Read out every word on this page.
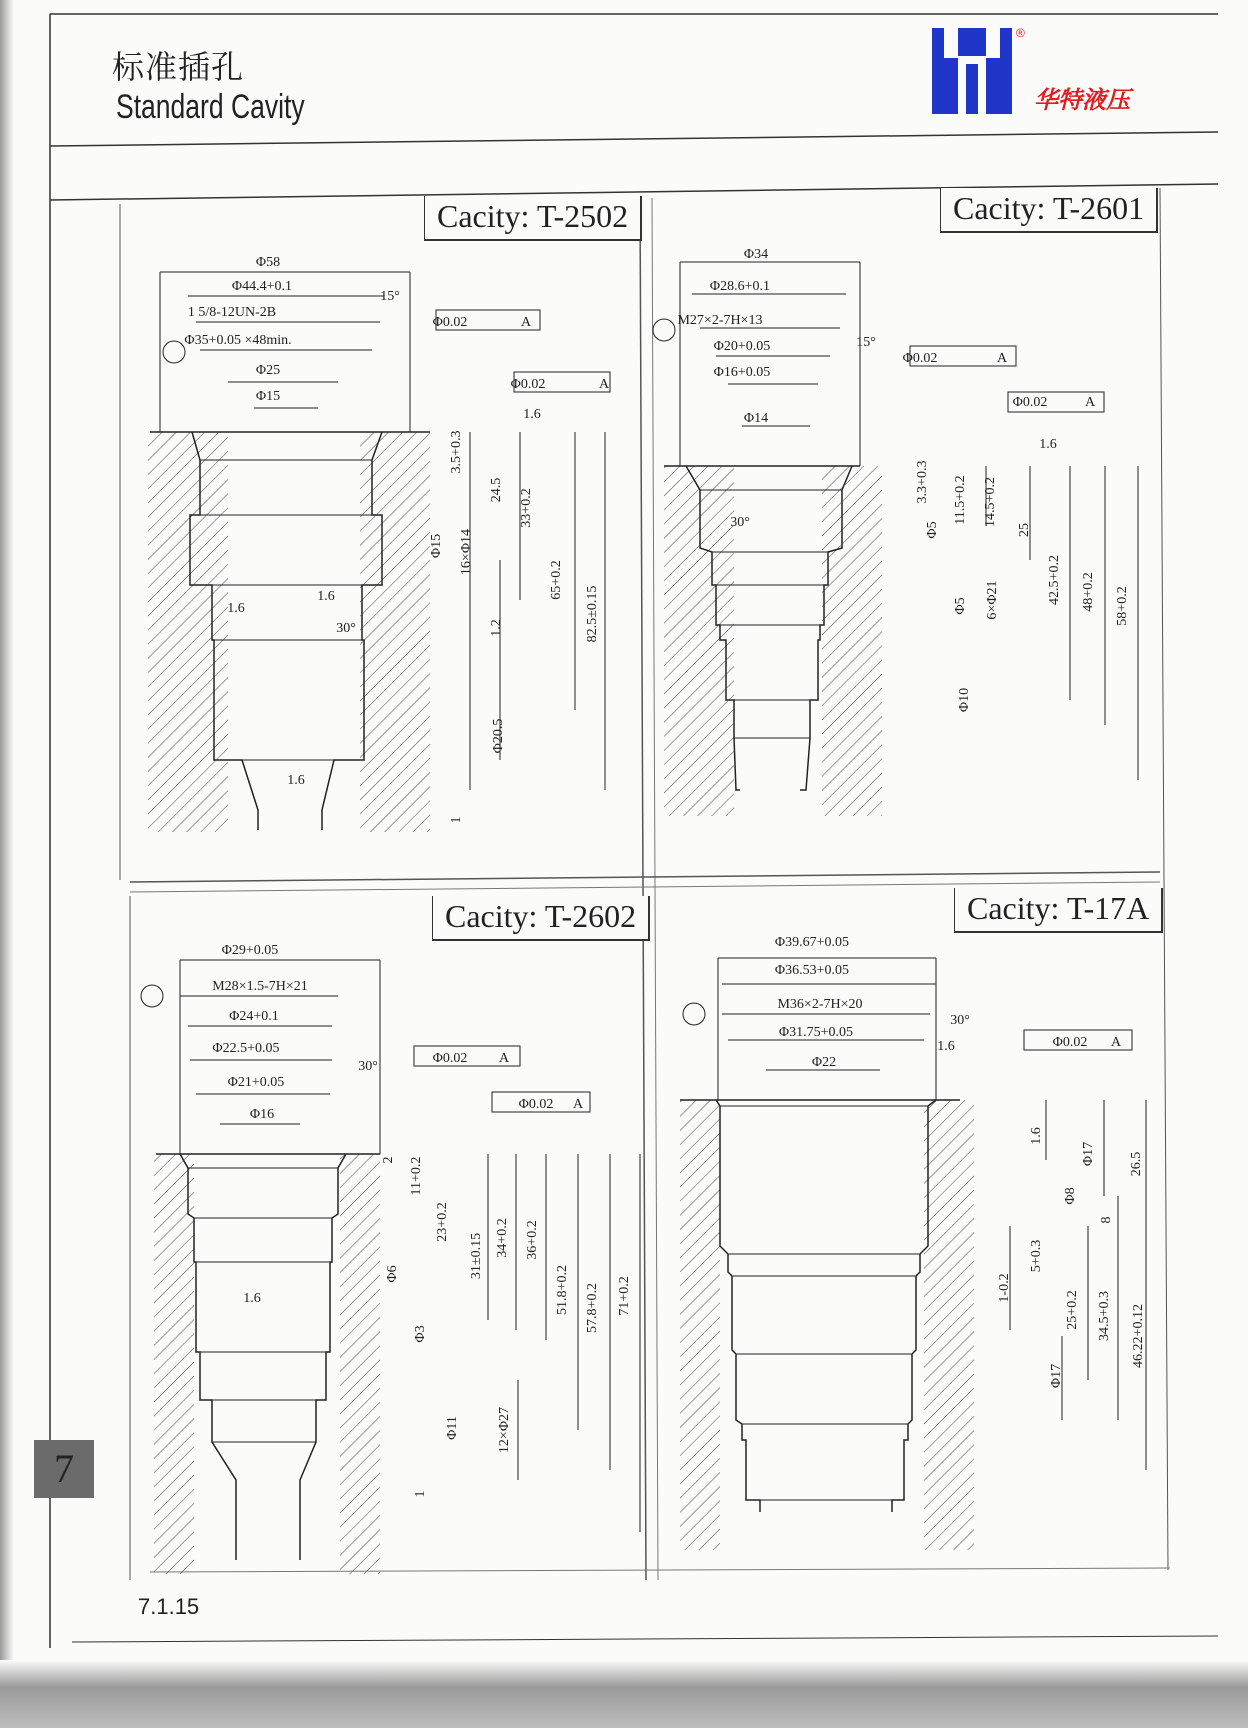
标准插孔
Standard Cavity
®
华特液压
Cacity: T-2502	Cacity: T-2601
Cacity: T-2602	Cacity: T-17A
Φ58
Φ44.4+0.1
1 5/8-12UN-2B
Φ35+0.05 ×48min.
Φ25
Φ15
Φ0.02	A
Φ0.02	A
1.6
3.5+0.3
24.5 33+0.2
65+0.2
82.5±0.15
Φ15 16×Φ14
1.2
Φ20.5
1.6
1.6
30°
1.6
15°
1
Φ34
Φ28.6+0.1
M27×2-7H×13
Φ20+0.05
Φ16+0.05
Φ14
Φ0.02	A
Φ0.02	A
1.6
3.3+0.3 11.5+0.2 14.5+0.2
25
42.5+0.2 48+0.2 58+0.2
Φ5
Φ5 6×Φ21
Φ10
30°
15°
Φ29+0.05
M28×1.5-7H×21
Φ24+0.1
Φ22.5+0.05
Φ21+0.05
Φ16
Φ0.02 A
Φ0.02 A
2 11+0.2
23+0.2
31±0.15 34+0.2 36+0.2
51.8+0.2 57.8+0.2 71+0.2
Φ6
Φ3
Φ11	12×Φ27
1
30°
1.6
Φ39.67+0.05
Φ36.53+0.05
M36×2-7H×20
Φ31.75+0.05
Φ22
Φ0.02 A
1.6
Φ17 26.5
Φ8
8
5+0.3
1-0.2
25+0.2 34.5+0.3 46.22+0.12
Φ17
30°
1.6
7
7.1.15
